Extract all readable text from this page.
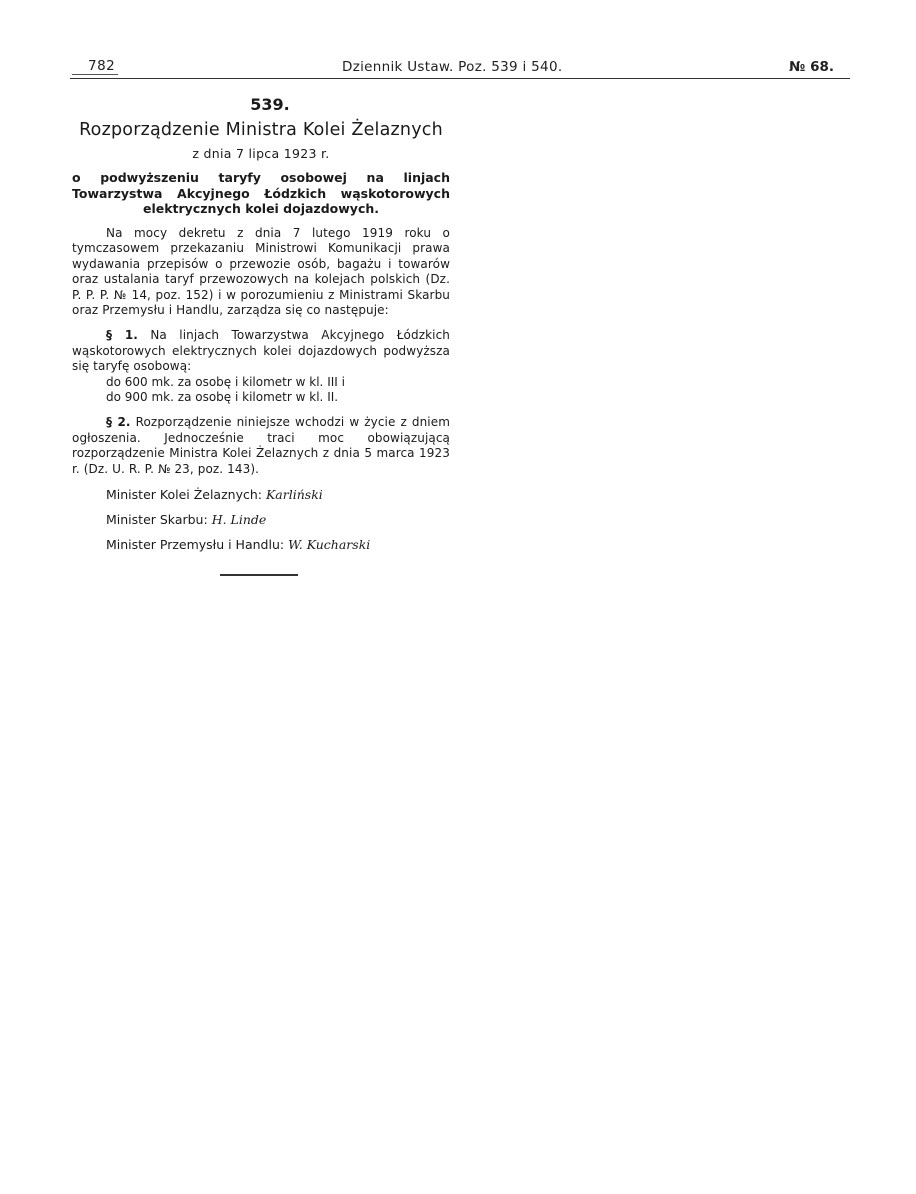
782	Dziennik Ustaw. Poz. 539 i 540.	№ 68.
539.
Rozporządzenie Ministra Kolei Żelaznych
z dnia 7 lipca 1923 r.
o podwyższeniu taryfy osobowej na linjach Towarzystwa Akcyjnego Łódzkich wąskotorowych elektrycznych kolei dojazdowych.
Na mocy dekretu z dnia 7 lutego 1919 roku o tymczasowem przekazaniu Ministrowi Komunikacji prawa wydawania przepisów o przewozie osób, bagażu i towarów oraz ustalania taryf przewozowych na kolejach polskich (Dz. P. P. P. № 14, poz. 152) i w porozumieniu z Ministrami Skarbu oraz Przemysłu i Handlu, zarządza się co następuje:
§ 1. Na linjach Towarzystwa Akcyjnego Łódzkich wąskotorowych elektrycznych kolei dojazdowych podwyższa się taryfę osobową:
do 600 mk. za osobę i kilometr w kl. III i
do 900 mk. za osobę i kilometr w kl. II.
§ 2. Rozporządzenie niniejsze wchodzi w życie z dniem ogłoszenia. Jednocześnie traci moc obowiązującą rozporządzenie Ministra Kolei Żelaznych z dnia 5 marca 1923 r. (Dz. U. R. P. № 23, poz. 143).
Minister Kolei Żelaznych: Karliński
Minister Skarbu: H. Linde
Minister Przemysłu i Handlu: W. Kucharski
